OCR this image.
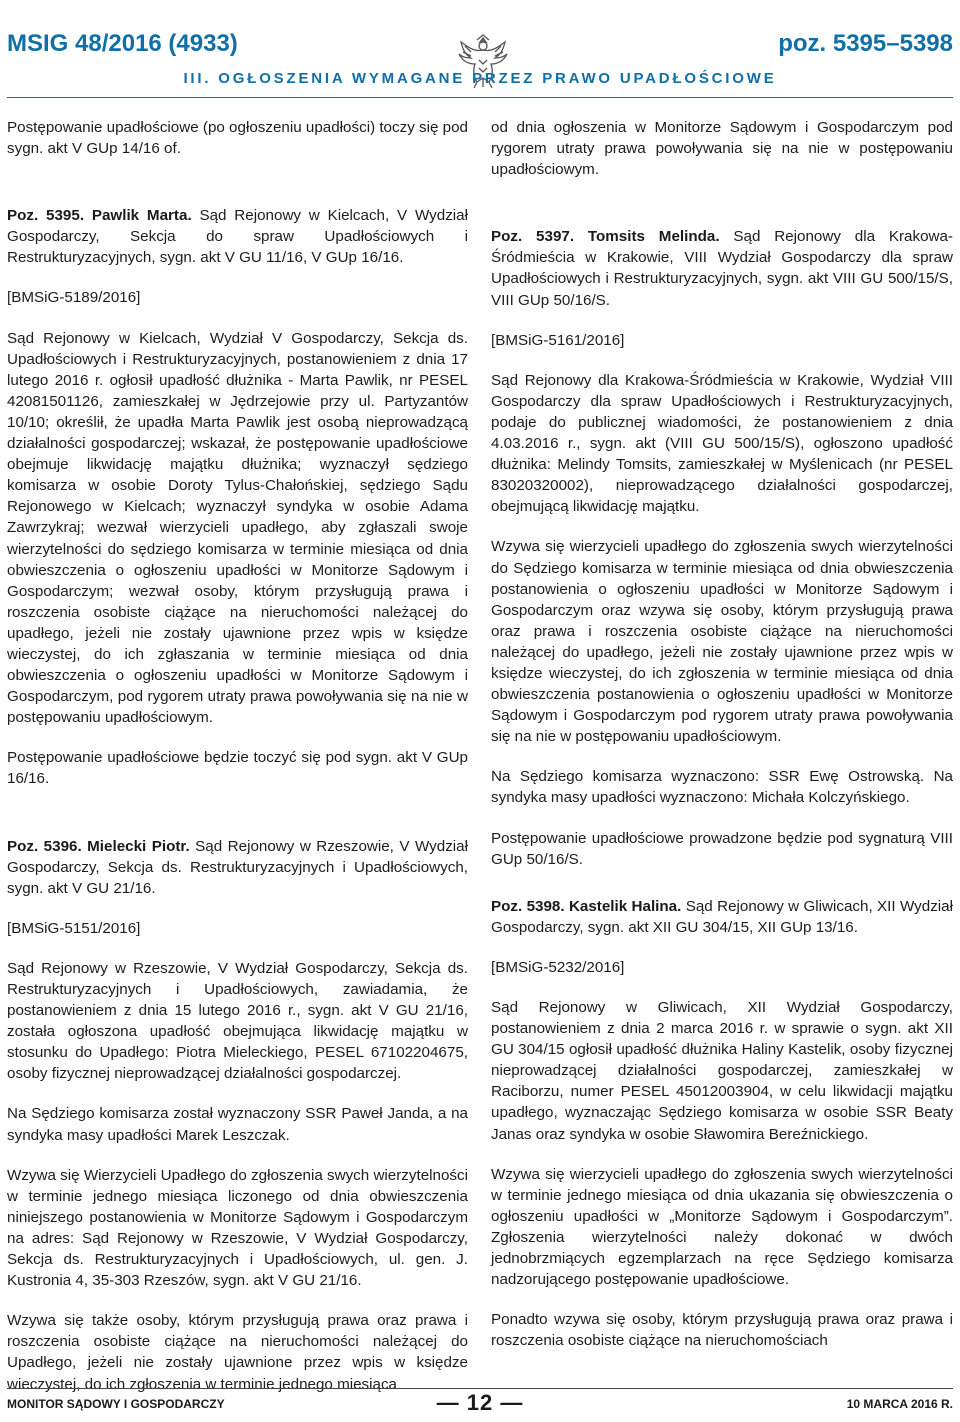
MSIG 48/2016 (4933)	poz. 5395–5398
III. OGŁOSZENIA WYMAGANE PRZEZ PRAWO UPADŁOŚCIOWE

Postępowanie upadłościowe (po ogłoszeniu upadłości) toczy się pod sygn. akt V GUp 14/16 of.

Poz. 5395. Pawlik Marta. Sąd Rejonowy w Kielcach, V Wydział Gospodarczy, Sekcja do spraw Upadłościowych i Restrukturyzacyjnych, sygn. akt V GU 11/16, V GUp 16/16.

[BMSiG-5189/2016]

Sąd Rejonowy w Kielcach, Wydział V Gospodarczy, Sekcja ds. Upadłościowych i Restrukturyzacyjnych, postanowieniem z dnia 17 lutego 2016 r. ogłosił upadłość dłużnika - Marta Pawlik, nr PESEL 42081501126, zamieszkałej w Jędrzejowie przy ul. Partyzantów 10/10; określił, że upadła Marta Pawlik jest osobą nieprowadzącą działalności gospodarczej; wskazał, że postępowanie upadłościowe obejmuje likwidację majątku dłużnika; wyznaczył sędziego komisarza w osobie Doroty Tylus-Chałońskiej, sędziego Sądu Rejonowego w Kielcach; wyznaczył syndyka w osobie Adama Zawrzykraj; wezwał wierzycieli upadłego, aby zgłaszali swoje wierzytelności do sędziego komisarza w terminie miesiąca od dnia obwieszczenia o ogłoszeniu upadłości w Monitorze Sądowym i Gospodarczym; wezwał osoby, którym przysługują prawa i roszczenia osobiste ciążące na nieruchomości należącej do upadłego, jeżeli nie zostały ujawnione przez wpis w księdze wieczystej, do ich zgłaszania w terminie miesiąca od dnia obwieszczenia o ogłoszeniu upadłości w Monitorze Sądowym i Gospodarczym, pod rygorem utraty prawa powoływania się na nie w postępowaniu upadłościowym.

Postępowanie upadłościowe będzie toczyć się pod sygn. akt V GUp 16/16.

Poz. 5396. Mielecki Piotr. Sąd Rejonowy w Rzeszowie, V Wydział Gospodarczy, Sekcja ds. Restrukturyzacyjnych i Upadłościowych, sygn. akt V GU 21/16.

[BMSiG-5151/2016]

Sąd Rejonowy w Rzeszowie, V Wydział Gospodarczy, Sekcja ds. Restrukturyzacyjnych i Upadłościowych, zawiadamia, że postanowieniem z dnia 15 lutego 2016 r., sygn. akt V GU 21/16, została ogłoszona upadłość obejmująca likwidację majątku w stosunku do Upadłego: Piotra Mieleckiego, PESEL 67102204675, osoby fizycznej nieprowadzącej działalności gospodarczej.

Na Sędziego komisarza został wyznaczony SSR Paweł Janda, a na syndyka masy upadłości Marek Leszczak.

Wzywa się Wierzycieli Upadłego do zgłoszenia swych wierzytelności w terminie jednego miesiąca liczonego od dnia obwieszczenia niniejszego postanowienia w Monitorze Sądowym i Gospodarczym na adres: Sąd Rejonowy w Rzeszowie, V Wydział Gospodarczy, Sekcja ds. Restrukturyzacyjnych i Upadłościowych, ul. gen. J. Kustronia 4, 35-303 Rzeszów, sygn. akt V GU 21/16.

Wzywa się także osoby, którym przysługują prawa oraz prawa i roszczenia osobiste ciążące na nieruchomości należącej do Upadłego, jeżeli nie zostały ujawnione przez wpis w księdze wieczystej, do ich zgłoszenia w terminie jednego miesiąca

od dnia ogłoszenia w Monitorze Sądowym i Gospodarczym pod rygorem utraty prawa powoływania się na nie w postępowaniu upadłościowym.

Poz. 5397. Tomsits Melinda. Sąd Rejonowy dla Krakowa-Śródmieścia w Krakowie, VIII Wydział Gospodarczy dla spraw Upadłościowych i Restrukturyzacyjnych, sygn. akt VIII GU 500/15/S, VIII GUp 50/16/S.

[BMSiG-5161/2016]

Sąd Rejonowy dla Krakowa-Śródmieścia w Krakowie, Wydział VIII Gospodarczy dla spraw Upadłościowych i Restrukturyzacyjnych, podaje do publicznej wiadomości, że postanowieniem z dnia 4.03.2016 r., sygn. akt (VIII GU 500/15/S), ogłoszono upadłość dłużnika: Melindy Tomsits, zamieszkałej w Myślenicach (nr PESEL 83020320002), nieprowadzącego działalności gospodarczej, obejmującą likwidację majątku.

Wzywa się wierzycieli upadłego do zgłoszenia swych wierzytelności do Sędziego komisarza w terminie miesiąca od dnia obwieszczenia postanowienia o ogłoszeniu upadłości w Monitorze Sądowym i Gospodarczym oraz wzywa się osoby, którym przysługują prawa oraz prawa i roszczenia osobiste ciążące na nieruchomości należącej do upadłego, jeżeli nie zostały ujawnione przez wpis w księdze wieczystej, do ich zgłoszenia w terminie miesiąca od dnia obwieszczenia postanowienia o ogłoszeniu upadłości w Monitorze Sądowym i Gospodarczym pod rygorem utraty prawa powoływania się na nie w postępowaniu upadłościowym.

Na Sędziego komisarza wyznaczono: SSR Ewę Ostrowską. Na syndyka masy upadłości wyznaczono: Michała Kolczyńskiego.

Postępowanie upadłościowe prowadzone będzie pod sygnaturą VIII GUp 50/16/S.

Poz. 5398. Kastelik Halina. Sąd Rejonowy w Gliwicach, XII Wydział Gospodarczy, sygn. akt XII GU 304/15, XII GUp 13/16.

[BMSiG-5232/2016]

Sąd Rejonowy w Gliwicach, XII Wydział Gospodarczy, postanowieniem z dnia 2 marca 2016 r. w sprawie o sygn. akt XII GU 304/15 ogłosił upadłość dłużnika Haliny Kastelik, osoby fizycznej nieprowadzącej działalności gospodarczej, zamieszkałej w Raciborzu, numer PESEL 45012003904, w celu likwidacji majątku upadłego, wyznaczając Sędziego komisarza w osobie SSR Beaty Janas oraz syndyka w osobie Sławomira Bereźnickiego.

Wzywa się wierzycieli upadłego do zgłoszenia swych wierzytelności w terminie jednego miesiąca od dnia ukazania się obwieszczenia o ogłoszeniu upadłości w „Monitorze Sądowym i Gospodarczym”. Zgłoszenia wierzytelności należy dokonać w dwóch jednobrzmiących egzemplarzach na ręce Sędziego komisarza nadzorującego postępowanie upadłościowe.

Ponadto wzywa się osoby, którym przysługują prawa oraz prawa i roszczenia osobiste ciążące na nieruchomościach

MONITOR SĄDOWY I GOSPODARCZY	— 12 —	10 MARCA 2016 R.
